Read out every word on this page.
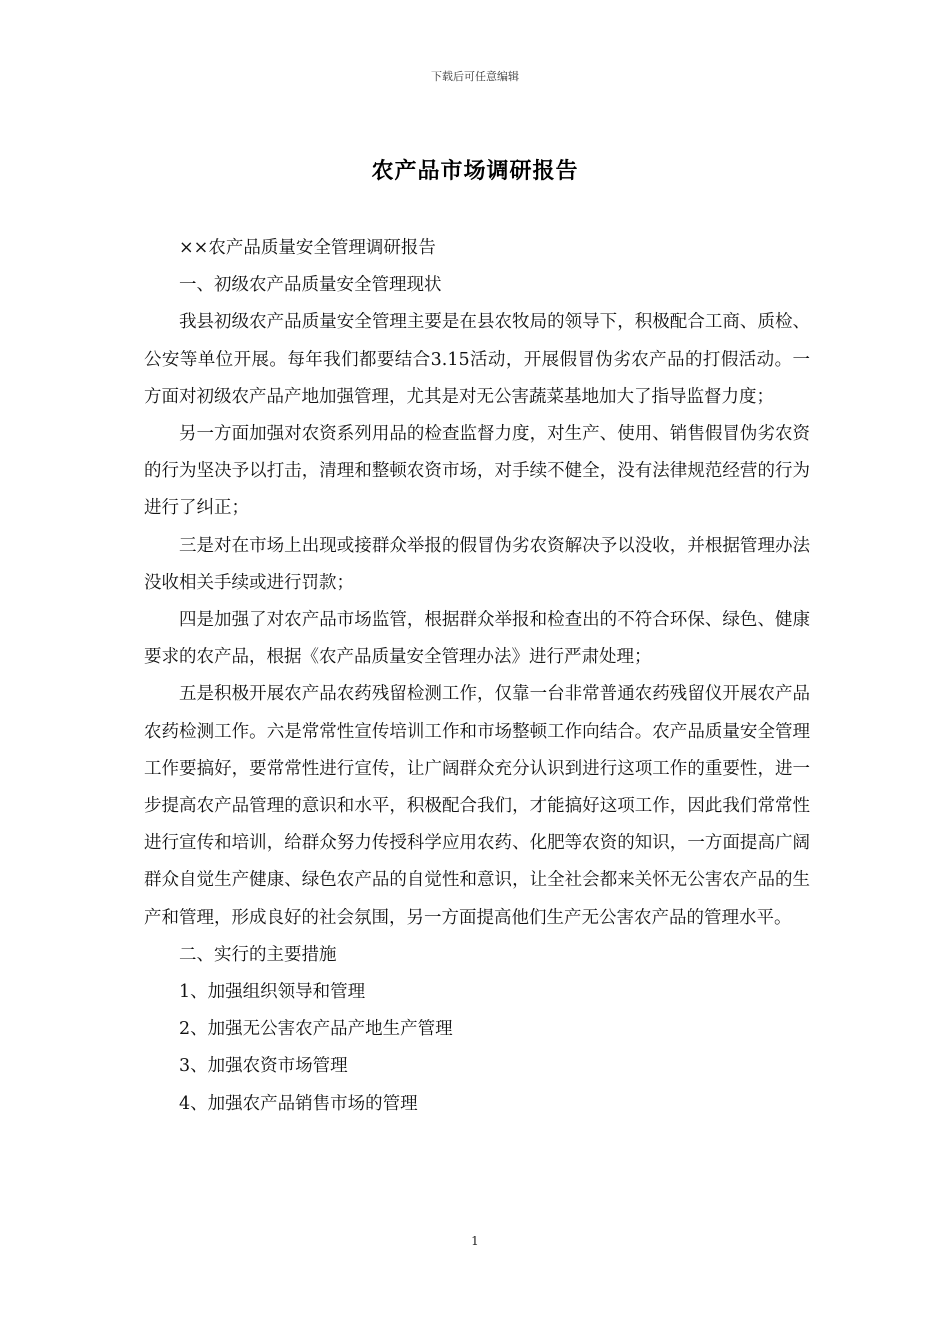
下载后可任意编辑
农产品市场调研报告

××农产品质量安全管理调研报告

一、初级农产品质量安全管理现状

我县初级农产品质量安全管理主要是在县农牧局的领导下，积极配合工商、质检、公安等单位开展。每年我们都要结合3.15活动，开展假冒伪劣农产品的打假活动。一方面对初级农产品产地加强管理，尤其是对无公害蔬菜基地加大了指导监督力度；

另一方面加强对农资系列用品的检查监督力度，对生产、使用、销售假冒伪劣农资的行为坚决予以打击，清理和整顿农资市场，对手续不健全，没有法律规范经营的行为进行了纠正；

三是对在市场上出现或接群众举报的假冒伪劣农资解决予以没收，并根据管理办法没收相关手续或进行罚款；

四是加强了对农产品市场监管，根据群众举报和检查出的不符合环保、绿色、健康要求的农产品，根据《农产品质量安全管理办法》进行严肃处理；

五是积极开展农产品农药残留检测工作，仅靠一台非常普通农药残留仪开展农产品农药检测工作。六是常常性宣传培训工作和市场整顿工作向结合。农产品质量安全管理工作要搞好，要常常性进行宣传，让广阔群众充分认识到进行这项工作的重要性，进一步提高农产品管理的意识和水平，积极配合我们，才能搞好这项工作，因此我们常常性进行宣传和培训，给群众努力传授科学应用农药、化肥等农资的知识，一方面提高广阔群众自觉生产健康、绿色农产品的自觉性和意识，让全社会都来关怀无公害农产品的生产和管理，形成良好的社会氛围，另一方面提高他们生产无公害农产品的管理水平。

二、实行的主要措施

1、加强组织领导和管理

2、加强无公害农产品产地生产管理

3、加强农资市场管理

4、加强农产品销售市场的管理

1
